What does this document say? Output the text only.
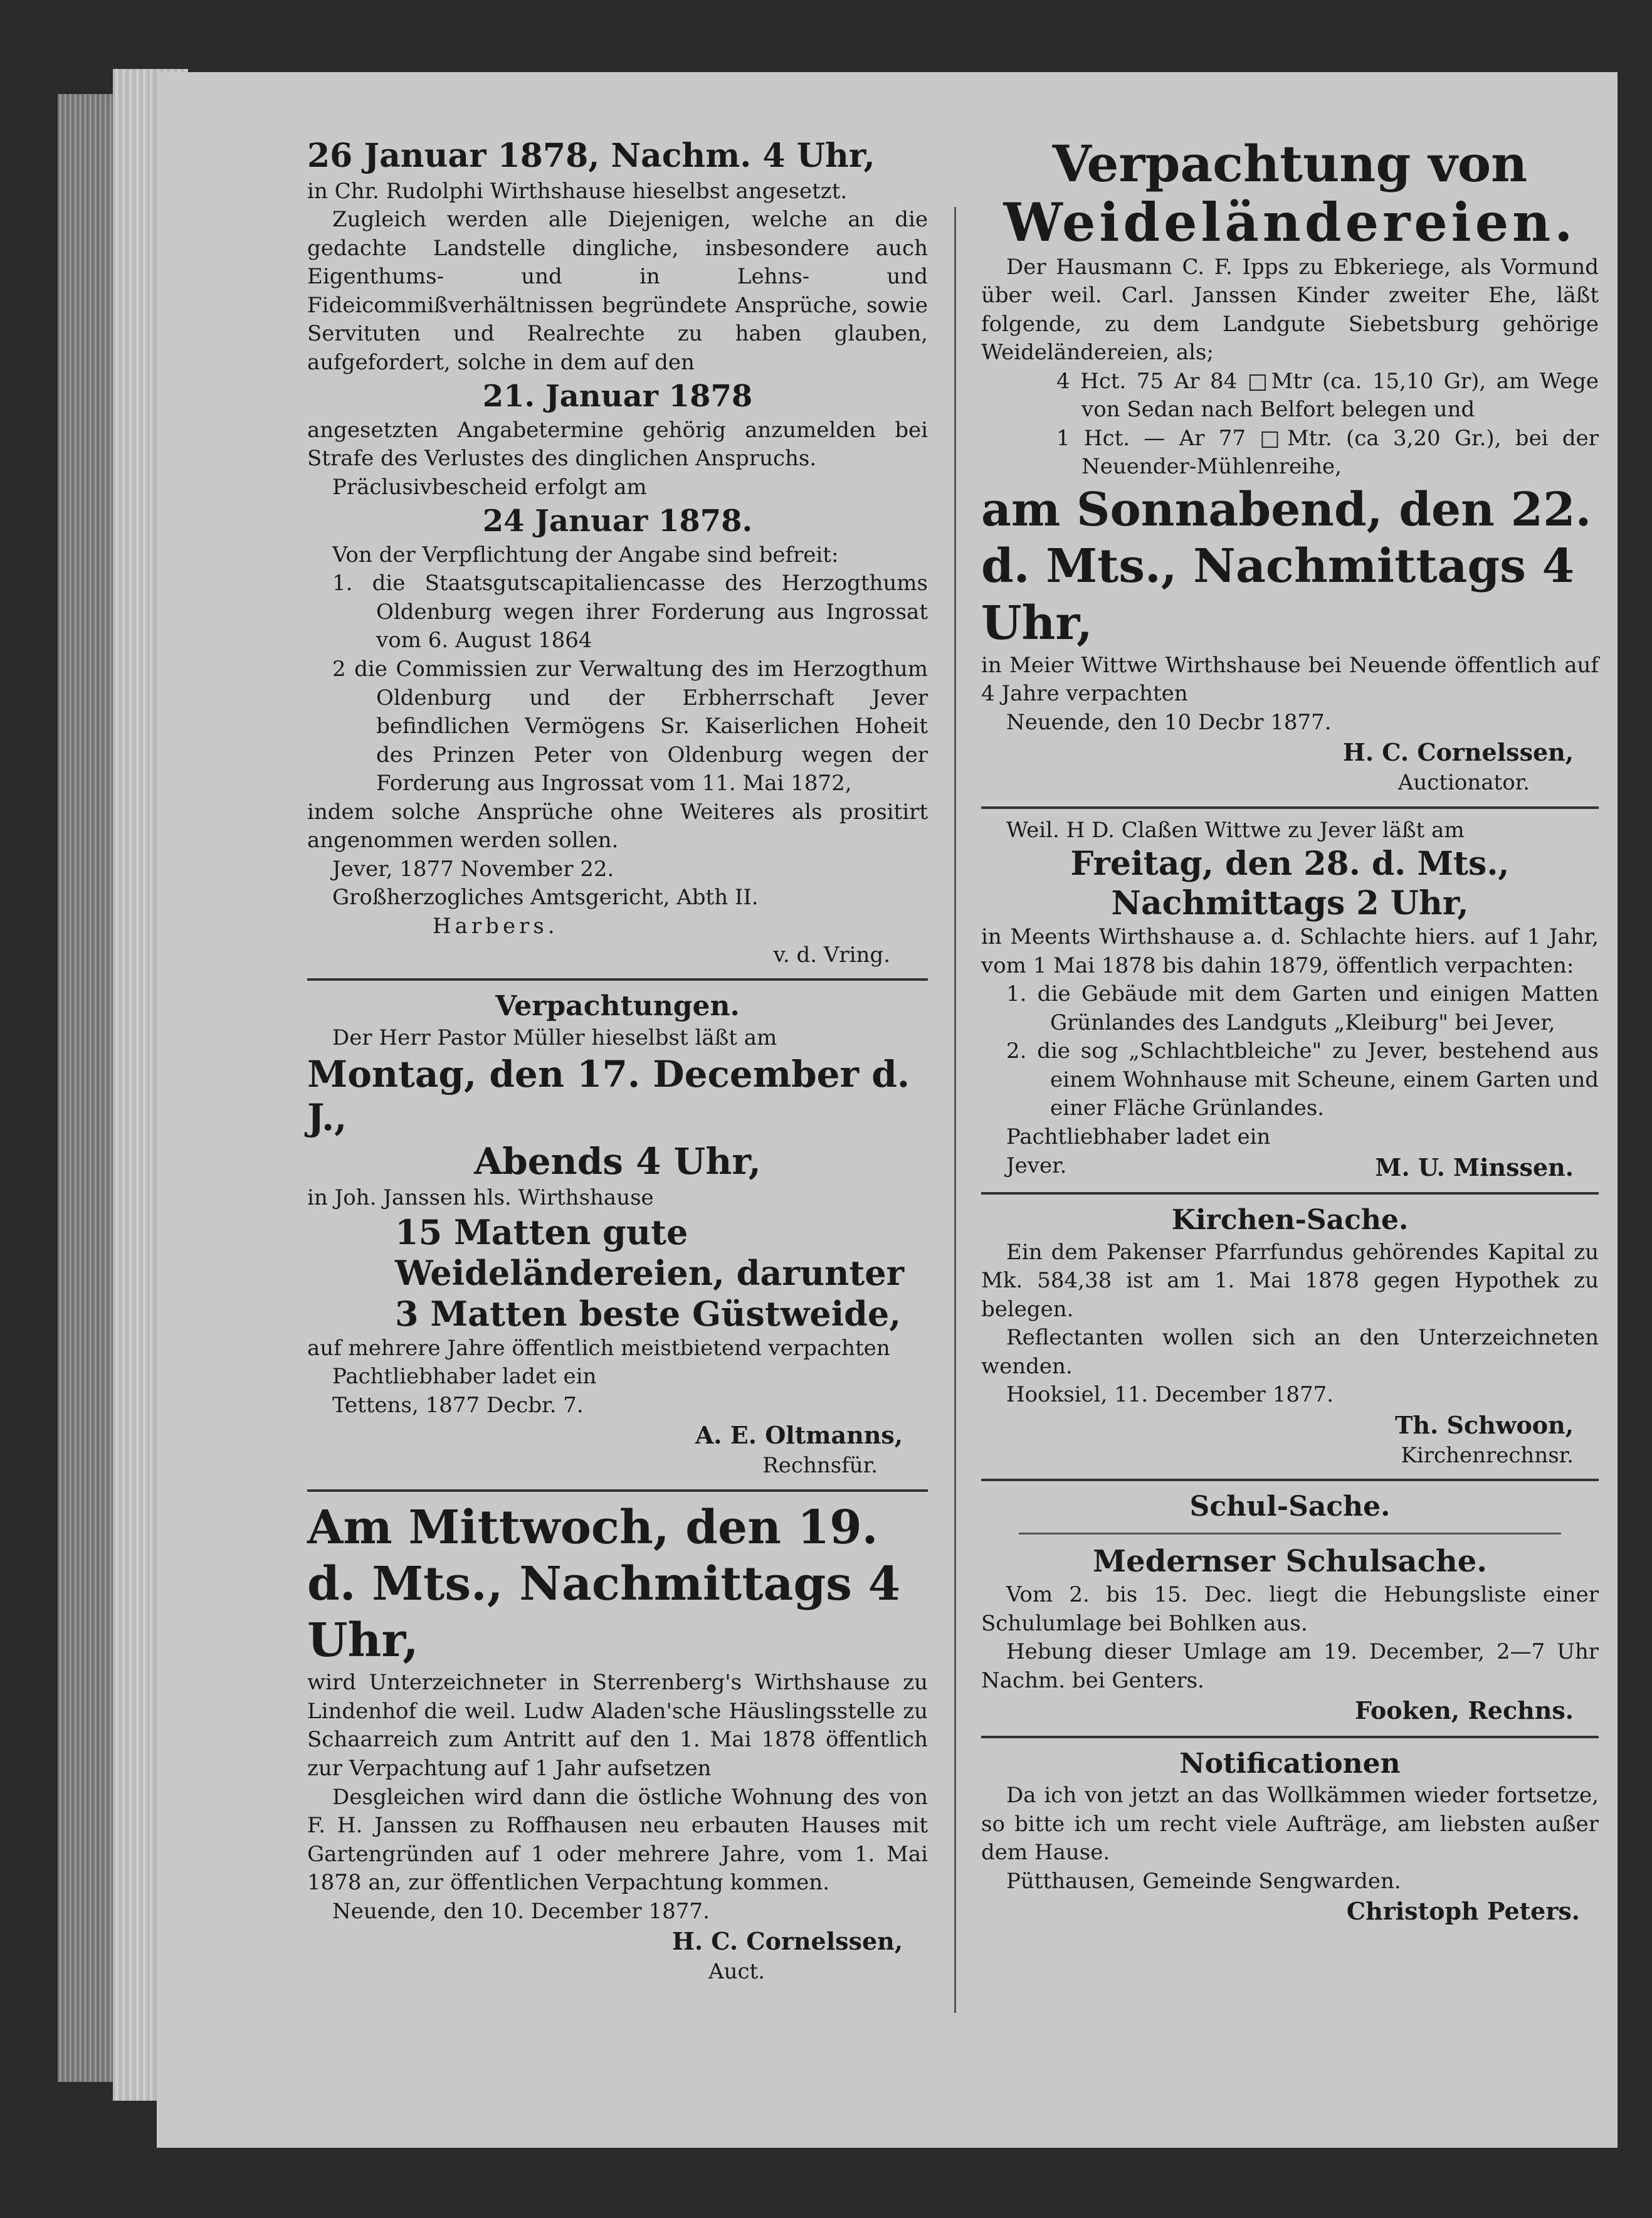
26 Januar 1878, Nachm. 4 Uhr,

in Chr. Rudolphi Wirthshause hieselbst angesetzt.

Zugleich werden alle Diejenigen, welche an die gedachte Landstelle dingliche, insbesondere auch Eigenthums- und in Lehns- und Fideicommißverhältnissen begründete Ansprüche, sowie Servituten und Realrechte zu haben glauben, aufgefordert, solche in dem auf den

21. Januar 1878

angesetzten Angabetermine gehörig anzumelden bei Strafe des Verlustes des dinglichen Anspruchs.

Präclusivbescheid erfolgt am

24 Januar 1878.

Von der Verpflichtung der Angabe sind befreit:

1. die Staatsgutscapitaliencasse des Herzogthums Oldenburg wegen ihrer Forderung aus Ingrossat vom 6. August 1864

2 die Commissien zur Verwaltung des im Herzogthum Oldenburg und der Erbherrschaft Jever befindlichen Vermögens Sr. Kaiserlichen Hoheit des Prinzen Peter von Oldenburg wegen der Forderung aus Ingrossat vom 11. Mai 1872,

indem solche Ansprüche ohne Weiteres als prositirt angenommen werden sollen.

Jever, 1877 November 22.

Großherzogliches Amtsgericht, Abth II.

Harbers.

v. d. Vring.

Verpachtungen.

Der Herr Pastor Müller hieselbst läßt am

Montag, den 17. December d. J.,

Abends 4 Uhr,

in Joh. Janssen hls. Wirthshause

15 Matten gute Weideländereien, darunter 3 Matten beste Güstweide,

auf mehrere Jahre öffentlich meistbietend verpachten

Pachtliebhaber ladet ein

Tettens, 1877 Decbr. 7.

A. E. Oltmanns,

Rechnsfür.

Am Mittwoch, den 19. d. Mts., Nachmittags 4 Uhr,

wird Unterzeichneter in Sterrenberg's Wirthshause zu Lindenhof die weil. Ludw Aladen'sche Häuslingsstelle zu Schaarreich zum Antritt auf den 1. Mai 1878 öffentlich zur Verpachtung auf 1 Jahr aufsetzen

Desgleichen wird dann die östliche Wohnung des von F. H. Janssen zu Roffhausen neu erbauten Hauses mit Gartengründen auf 1 oder mehrere Jahre, vom 1. Mai 1878 an, zur öffentlichen Verpachtung kommen.

Neuende, den 10. December 1877.

H. C. Cornelssen,

Auct.

Verpachtung von

Weideländereien.

Der Hausmann C. F. Ipps zu Ebkeriege, als Vormund über weil. Carl. Janssen Kinder zweiter Ehe, läßt folgende, zu dem Landgute Siebetsburg gehörige Weideländereien, als;

4 Hct. 75 Ar 84 □Mtr (ca. 15,10 Gr), am Wege von Sedan nach Belfort belegen und

1 Hct. — Ar 77 □Mtr. (ca 3,20 Gr.), bei der Neuender-Mühlenreihe,

am Sonnabend, den 22. d. Mts., Nachmittags 4 Uhr,

in Meier Wittwe Wirthshause bei Neuende öffentlich auf 4 Jahre verpachten

Neuende, den 10 Decbr 1877.

H. C. Cornelssen,

Auctionator.

Weil. H D. Claßen Wittwe zu Jever läßt am

Freitag, den 28. d. Mts.,

Nachmittags 2 Uhr,

in Meents Wirthshause a. d. Schlachte hiers. auf 1 Jahr, vom 1 Mai 1878 bis dahin 1879, öffentlich verpachten:

1. die Gebäude mit dem Garten und einigen Matten Grünlandes des Landguts „Kleiburg" bei Jever,

2. die sog „Schlachtbleiche" zu Jever, bestehend aus einem Wohnhause mit Scheune, einem Garten und einer Fläche Grünlandes.

Pachtliebhaber ladet ein

Jever.	M. U. Minssen.

Kirchen-Sache.

Ein dem Pakenser Pfarrfundus gehörendes Kapital zu Mk. 584,38 ist am 1. Mai 1878 gegen Hypothek zu belegen.

Reflectanten wollen sich an den Unterzeichneten wenden.

Hooksiel, 11. December 1877.

Th. Schwoon,

Kirchenrechnsr.

Schul-Sache.

Medernser Schulsache.

Vom 2. bis 15. Dec. liegt die Hebungsliste einer Schulumlage bei Bohlken aus.

Hebung dieser Umlage am 19. December, 2—7 Uhr Nachm. bei Genters.

Fooken, Rechns.

Notificationen

Da ich von jetzt an das Wollkämmen wieder fortsetze, so bitte ich um recht viele Aufträge, am liebsten außer dem Hause.

Pütthausen, Gemeinde Sengwarden.

Christoph Peters.
